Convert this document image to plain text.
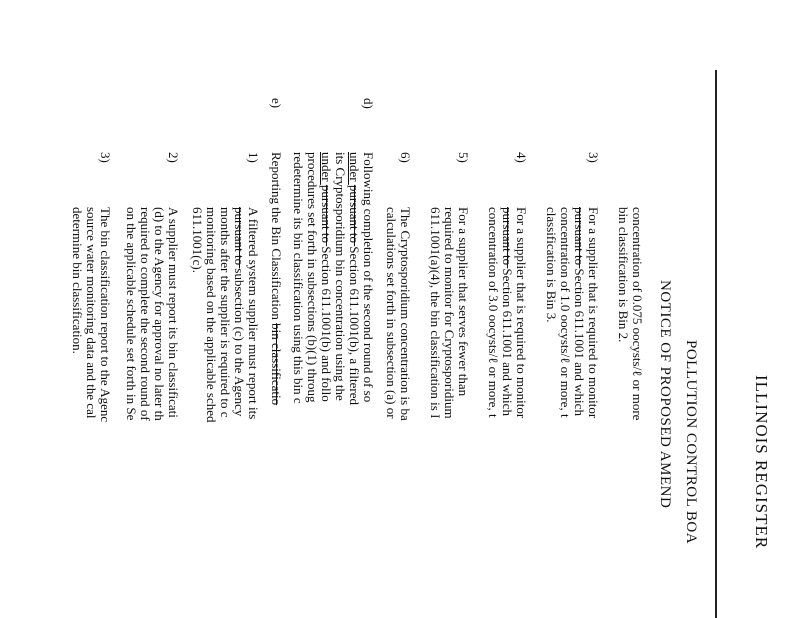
ILLINOIS REGISTER
POLLUTION CONTROL BOA
NOTICE OF PROPOSED AMEND
concentration of 0.075 oocysts/ℓ or more
bin classification is Bin 2.
3)
For a supplier that is required to monitor
pursuant to Section 611.1001 and which
concentration of 1.0 oocysts/ℓ or more, t
classification is Bin 3.
4)
For a supplier that is required to monitor
pursuant to Section 611.1001 and which
concentration of 3.0 oocysts/ℓ or more, t
5)
For a supplier that serves fewer than
required to monitor for Cryptosporidium
611.1001(a)(4), the bin classification is I
6)
The Cryptosporidium concentration is ba
calculations set forth in subsection (a) or
d)
Following completion of the second round of so
under pursuant to Section 611.1001(b), a filtered
its Cryptosporidium bin concentration using the
under pursuant to Section 611.1001(b) and follo
procedures set forth in subsections (b)(1) throug
redetermine its bin classification using this bin c
e)
Reporting the Bin Classification bin classificatio
1)
A filtered system supplier must report its
pursuant to subsection (c) to the Agency
months after the supplier is required to c
monitoring based on the applicable sched
611.1001(c).
2)
A supplier must report its bin classificati
(d) to the Agency for approval no later th
required to complete the second round of
on the applicable schedule set forth in Se
3)
The bin classification report to the Agenc
source water monitoring data and the cal
determine bin classification.
